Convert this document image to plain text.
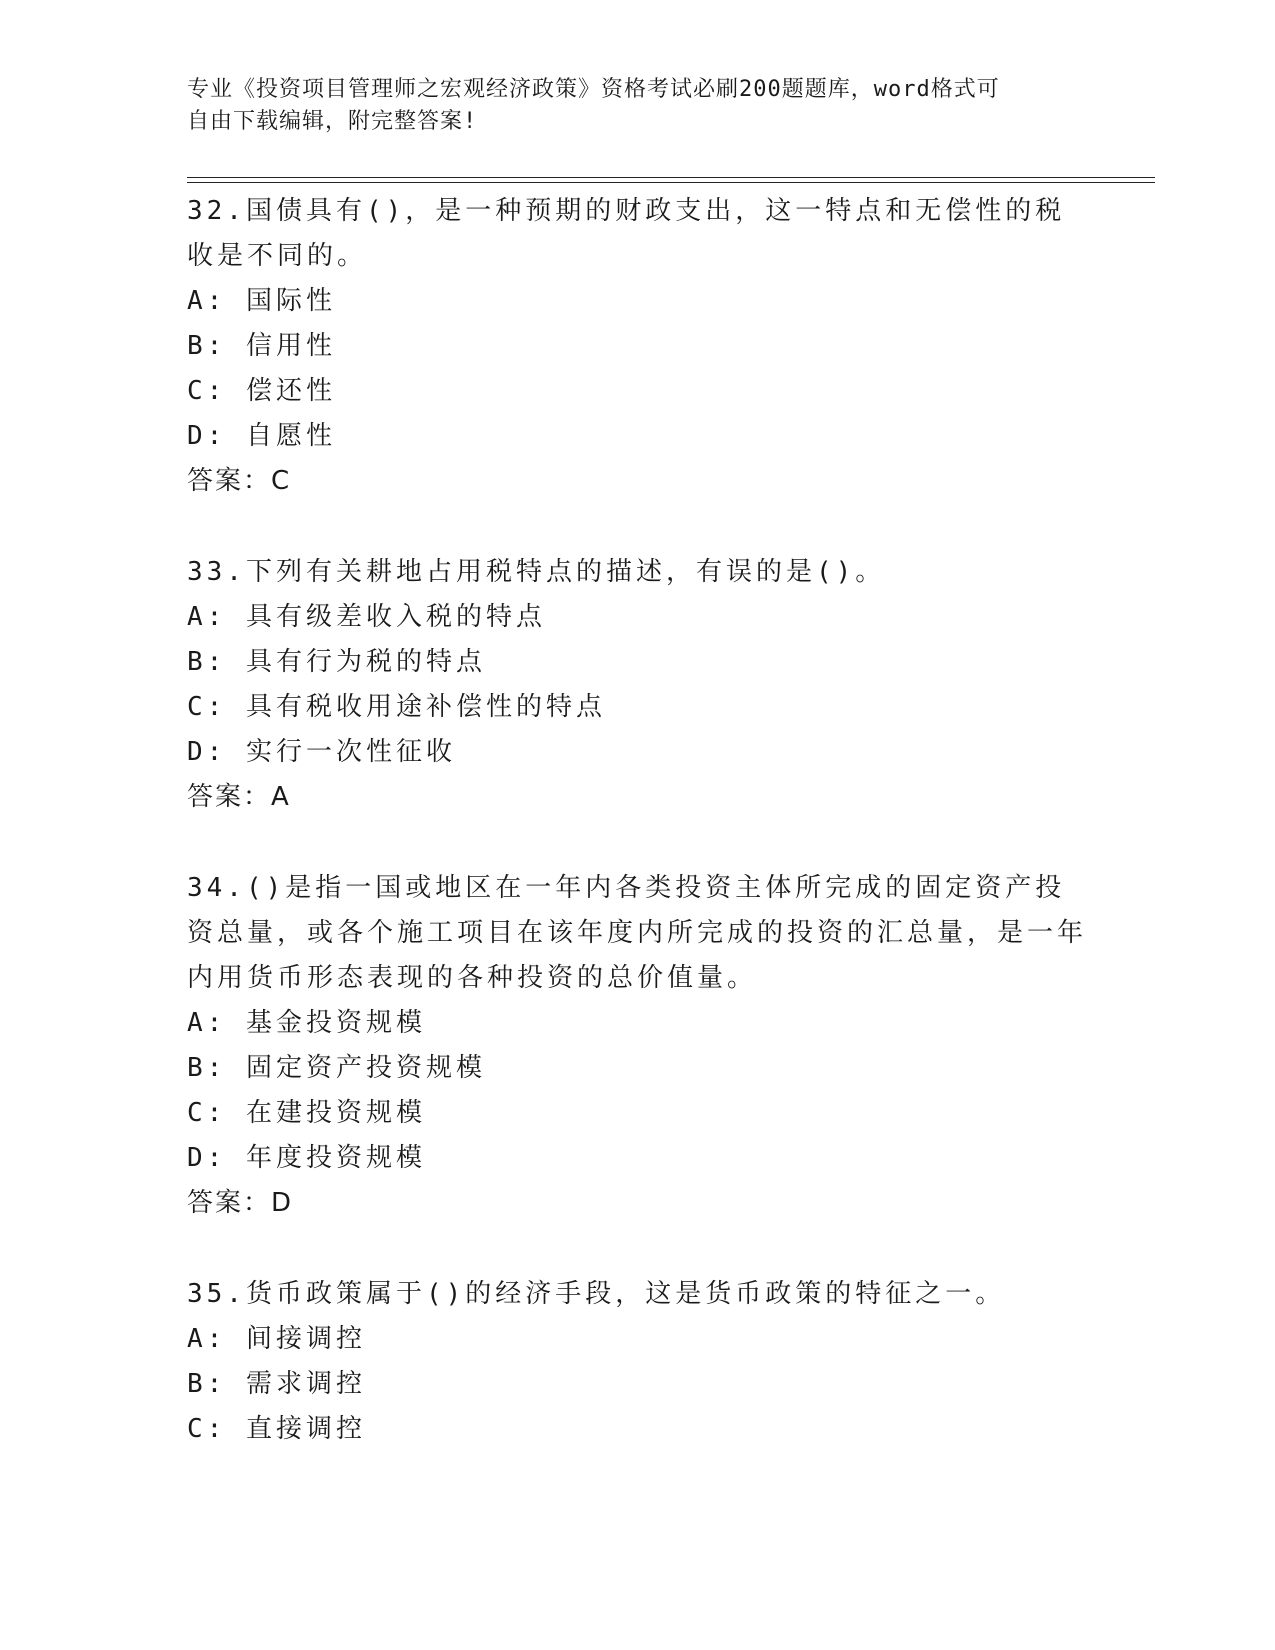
专业《投资项目管理师之宏观经济政策》资格考试必刷200题题库，word格式可
自由下载编辑，附完整答案!

32.国债具有()，是一种预期的财政支出，这一特点和无偿性的税收是不同的。

A: 国际性

B: 信用性

C: 偿还性

D: 自愿性

答案：C

33.下列有关耕地占用税特点的描述，有误的是()。

A: 具有级差收入税的特点

B: 具有行为税的特点

C: 具有税收用途补偿性的特点

D: 实行一次性征收

答案：A

34.()是指一国或地区在一年内各类投资主体所完成的固定资产投资总量，或各个施工项目在该年度内所完成的投资的汇总量，是一年内用货币形态表现的各种投资的总价值量。

A: 基金投资规模

B: 固定资产投资规模

C: 在建投资规模

D: 年度投资规模

答案：D

35.货币政策属于()的经济手段，这是货币政策的特征之一。

A: 间接调控

B: 需求调控

C: 直接调控
